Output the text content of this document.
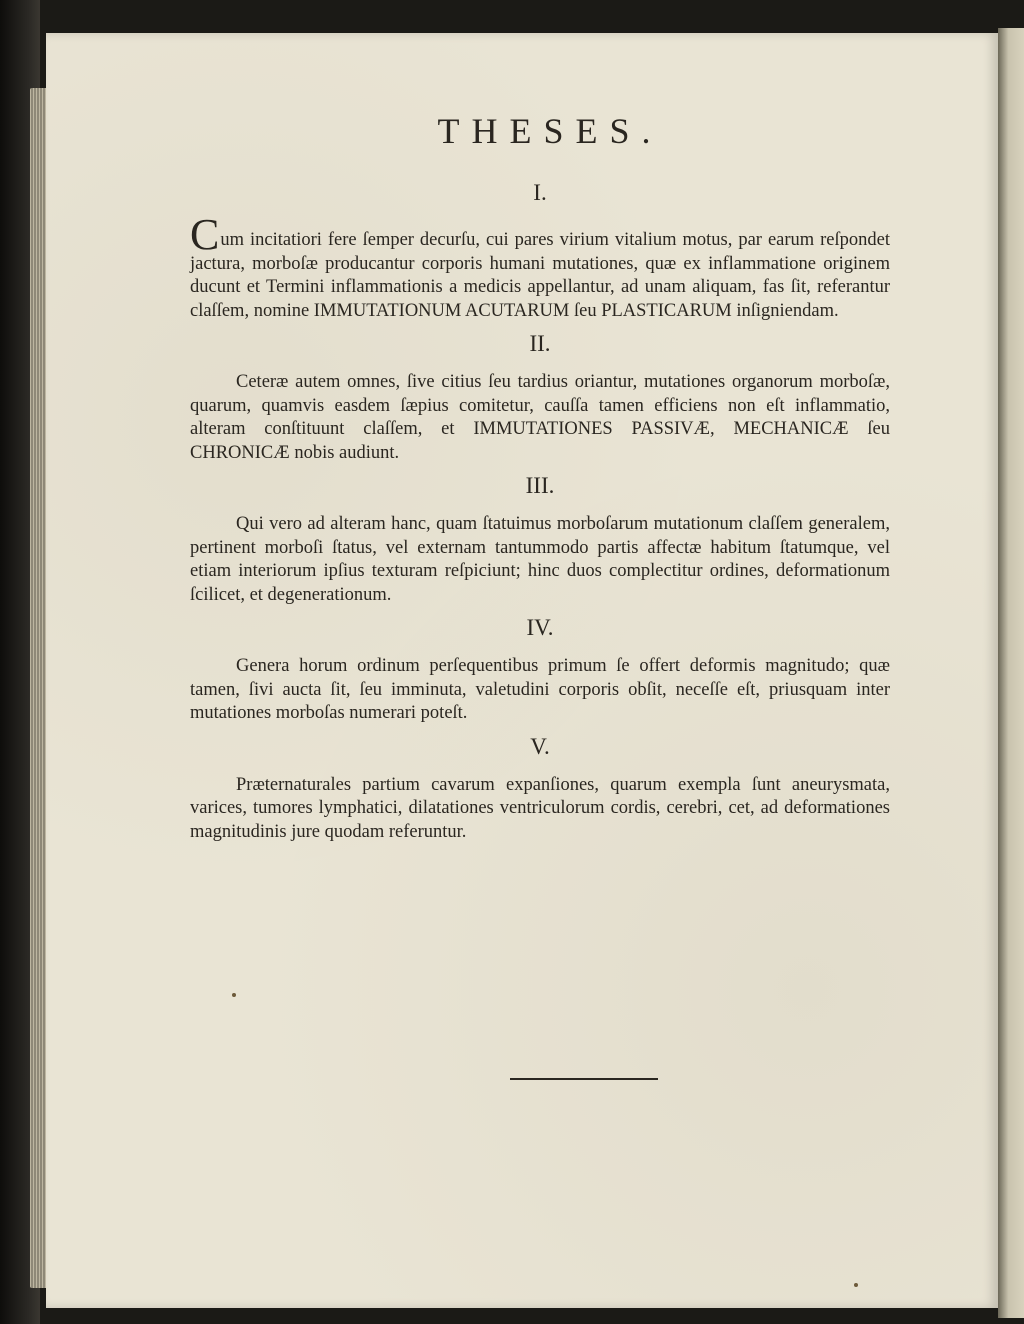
THESES.
I.

Cum incitatiori fere ſemper decurſu, cui pares virium vitalium motus, par earum reſpondet jactura, morboſæ producantur corporis humani mutationes, quæ ex inflammatione originem ducunt et Termini inflammationis a medicis appellantur, ad unam aliquam, fas ſit, referantur claſſem, nomine IMMUTATIONUM ACUTARUM ſeu PLASTICARUM inſigniendam.

II.

Ceteræ autem omnes, ſive citius ſeu tardius oriantur, mutationes organorum morboſæ, quarum, quamvis easdem ſæpius comitetur, cauſſa tamen efficiens non eſt inflammatio, alteram conſtituunt claſſem, et IMMUTATIONES PASSIVÆ, MECHANICÆ ſeu CHRONICÆ nobis audiunt.

III.

Qui vero ad alteram hanc, quam ſtatuimus morboſarum mutationum claſſem generalem, pertinent morboſi ſtatus, vel externam tantummodo partis affectæ habitum ſtatumque, vel etiam interiorum ipſius texturam reſpiciunt; hinc duos complectitur ordines, deformationum ſcilicet, et degenerationum.

IV.

Genera horum ordinum perſequentibus primum ſe offert deformis magnitudo; quæ tamen, ſivi aucta ſit, ſeu imminuta, valetudini corporis obſit, neceſſe eſt, priusquam inter mutationes morboſas numerari poteſt.

V.

Præternaturales partium cavarum expanſiones, quarum exempla ſunt aneurysmata, varices, tumores lymphatici, dilatationes ventriculorum cordis, cerebri, cet, ad deformationes magnitudinis jure quodam referuntur.
